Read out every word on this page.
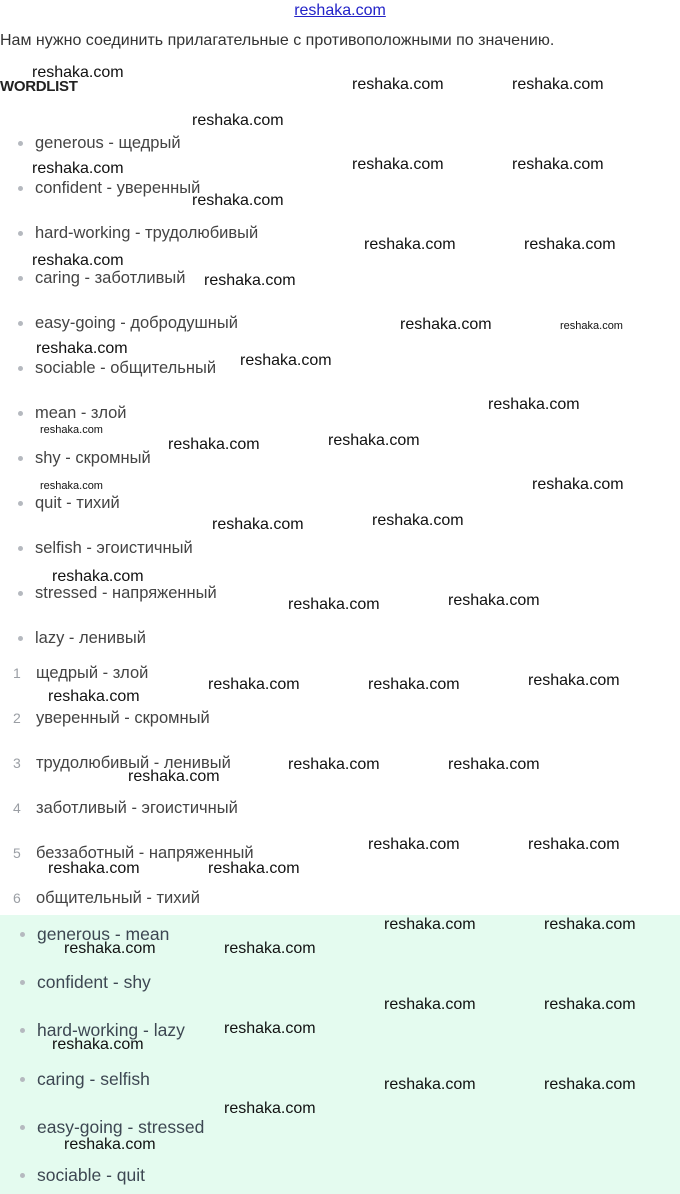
reshaka.com
Нам нужно соединить прилагательные с противоположными по значению.
WORDLIST
generous - щедрый
confident - уверенный
hard-working - трудолюбивый
caring - заботливый
easy-going - добродушный
sociable - общительный
mean - злой
shy - скромный
quit - тихий
selfish - эгоистичный
stressed - напряженный
lazy - ленивый
1 щедрый - злой
2 уверенный - скромный
3 трудолюбивый - ленивый
4 заботливый - эгоистичный
5 беззаботный - напряженный
6 общительный - тихий
generous - mean
confident - shy
hard-working - lazy
caring - selfish
easy-going - stressed
sociable - quit
reshaka.com
reshaka.com	reshaka.com
reshaka.com
reshaka.com	reshaka.com	reshaka.com
reshaka.com
reshaka.com	reshaka.com
reshaka.com
reshaka.com
reshaka.com	reshaka.com
reshaka.com
reshaka.com
reshaka.com
reshaka.com
reshaka.com	reshaka.com
reshaka.com	reshaka.com
reshaka.com	reshaka.com
reshaka.com
reshaka.com	reshaka.com
reshaka.com	reshaka.com	reshaka.com
reshaka.com
reshaka.com	reshaka.com
reshaka.com
reshaka.com	reshaka.com
reshaka.com	reshaka.com
reshaka.com	reshaka.com
reshaka.com	reshaka.com
reshaka.com	reshaka.com
reshaka.com
reshaka.com
reshaka.com	reshaka.com
reshaka.com
reshaka.com
